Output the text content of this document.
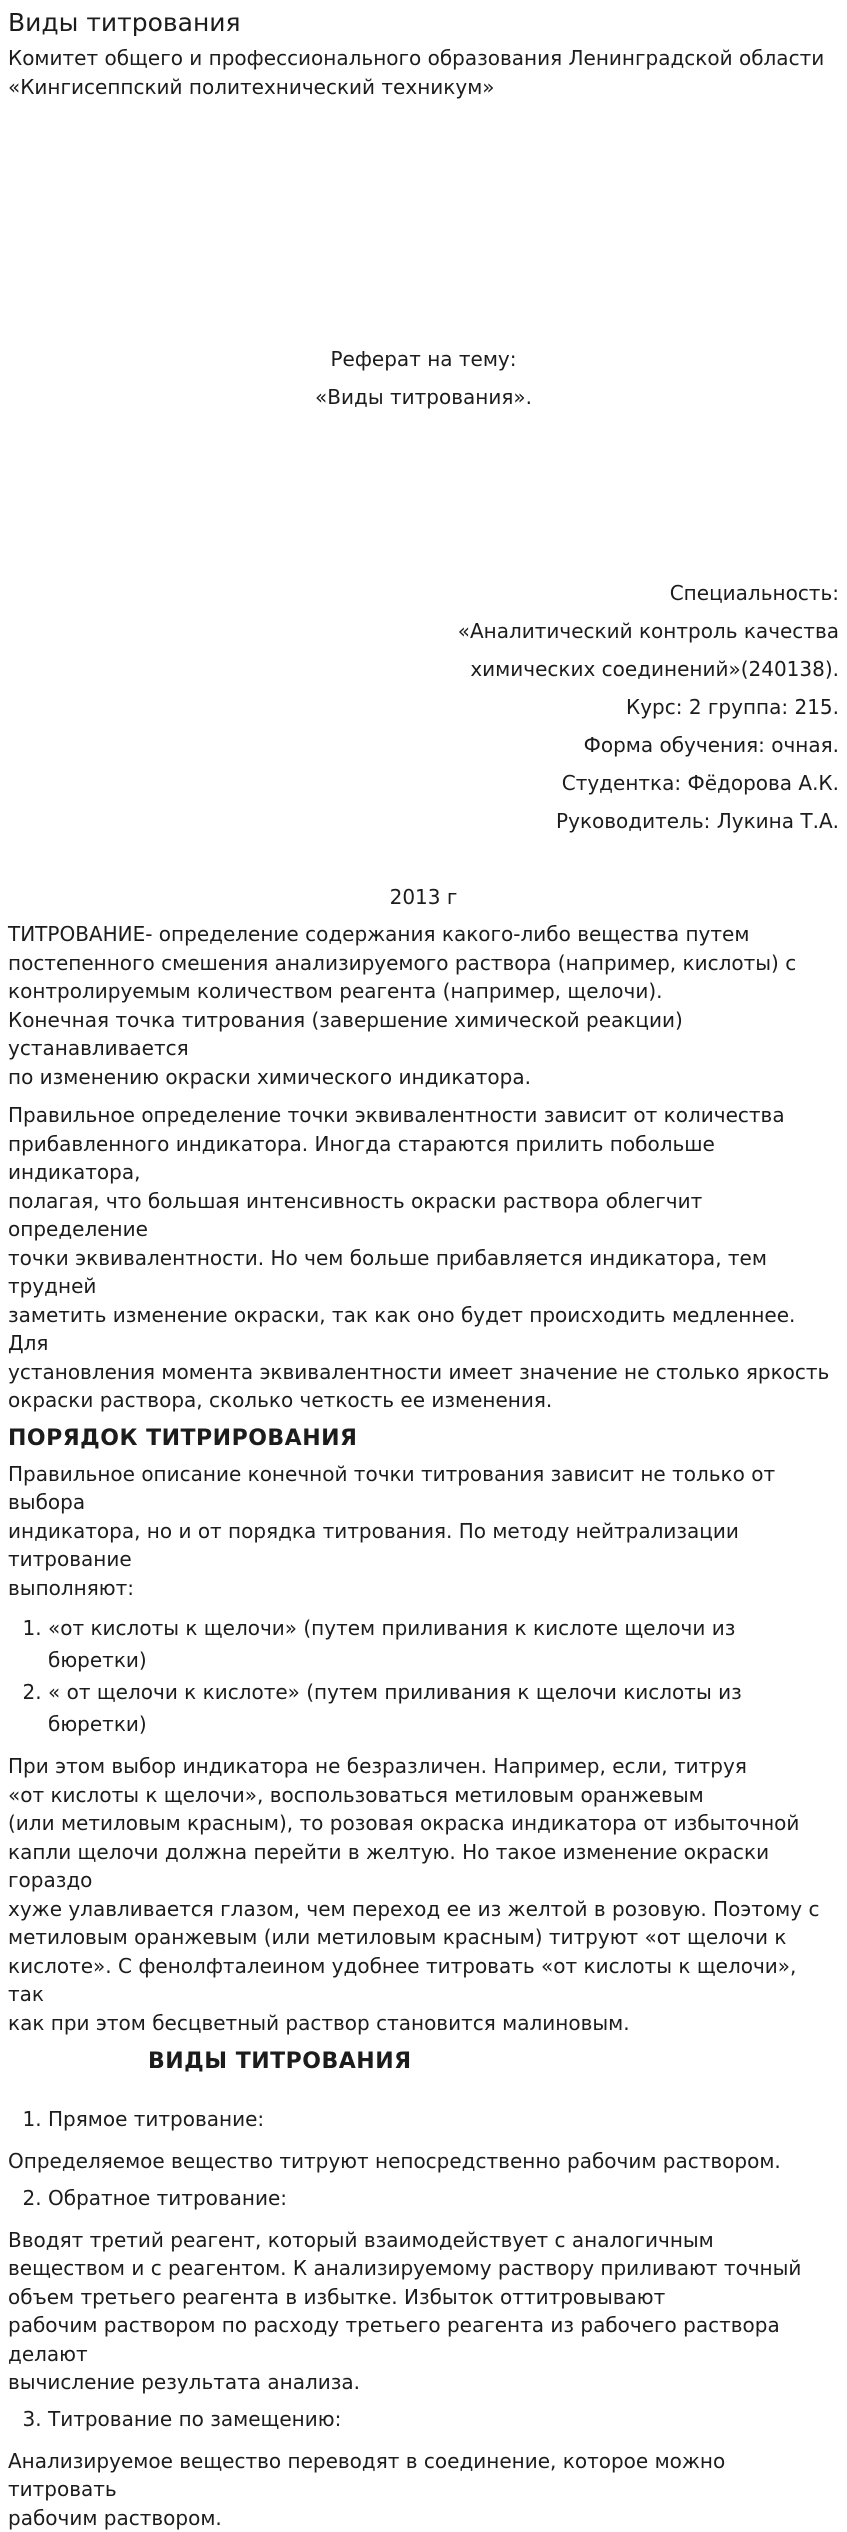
Виды титрования
Комитет общего и профессионального образования Ленинградской области
«Кингисеппский политехнический техникум»
Реферат на тему:
«Виды титрования».
Специальность:
«Аналитический контроль качества
химических соединений»(240138).
Курс: 2 группа: 215.
Форма обучения: очная.
Студентка: Фёдорова А.К.
Руководитель: Лукина Т.А.
2013 г

ТИТРОВАНИЕ- определение содержания какого-либо вещества путем
постепенного смешения анализируемого раствора (например, кислоты) с
контролируемым количеством реагента (например, щелочи).
Конечная точка титрования (завершение химической реакции) устанавливается
по изменению окраски химического индикатора.

Правильное определение точки эквивалентности зависит от количества
прибавленного индикатора. Иногда стараются прилить побольше индикатора,
полагая, что большая интенсивность окраски раствора облегчит определение
точки эквивалентности. Но чем больше прибавляется индикатора, тем трудней
заметить изменение окраски, так как оно будет происходить медленнее. Для
установления момента эквивалентности имеет значение не столько яркость
окраски раствора, сколько четкость ее изменения.

ПОРЯДОК ТИТРИРОВАНИЯ

Правильное описание конечной точки титрования зависит не только от выбора
индикатора, но и от порядка титрования. По методу нейтрализации титрование
выполняют:

1. «от кислоты к щелочи» (путем приливания к кислоте щелочи из бюретки)
2. « от щелочи к кислоте» (путем приливания к щелочи кислоты из бюретки)

При этом выбор индикатора не безразличен. Например, если, титруя
«от кислоты к щелочи», воспользоваться метиловым оранжевым
(или метиловым красным), то розовая окраска индикатора от избыточной
капли щелочи должна перейти в желтую. Но такое изменение окраски гораздо
хуже улавливается глазом, чем переход ее из желтой в розовую. Поэтому с
метиловым оранжевым (или метиловым красным) титруют «от щелочи к
кислоте». С фенолфталеином удобнее титровать «от кислоты к щелочи», так
как при этом бесцветный раствор становится малиновым.

ВИДЫ ТИТРОВАНИЯ
1. Прямое титрование:

Определяемое вещество титруют непосредственно рабочим раствором.

2. Обратное титрование:

Вводят третий реагент, который взаимодействует с аналогичным
веществом и с реагентом. К анализируемому раствору приливают точный
объем третьего реагента в избытке. Избыток оттитровывают
рабочим раствором по расходу третьего реагента из рабочего раствора делают
вычисление результата анализа.

3. Титрование по замещению:

Анализируемое вещество переводят в соединение, которое можно титровать
рабочим раствором.
